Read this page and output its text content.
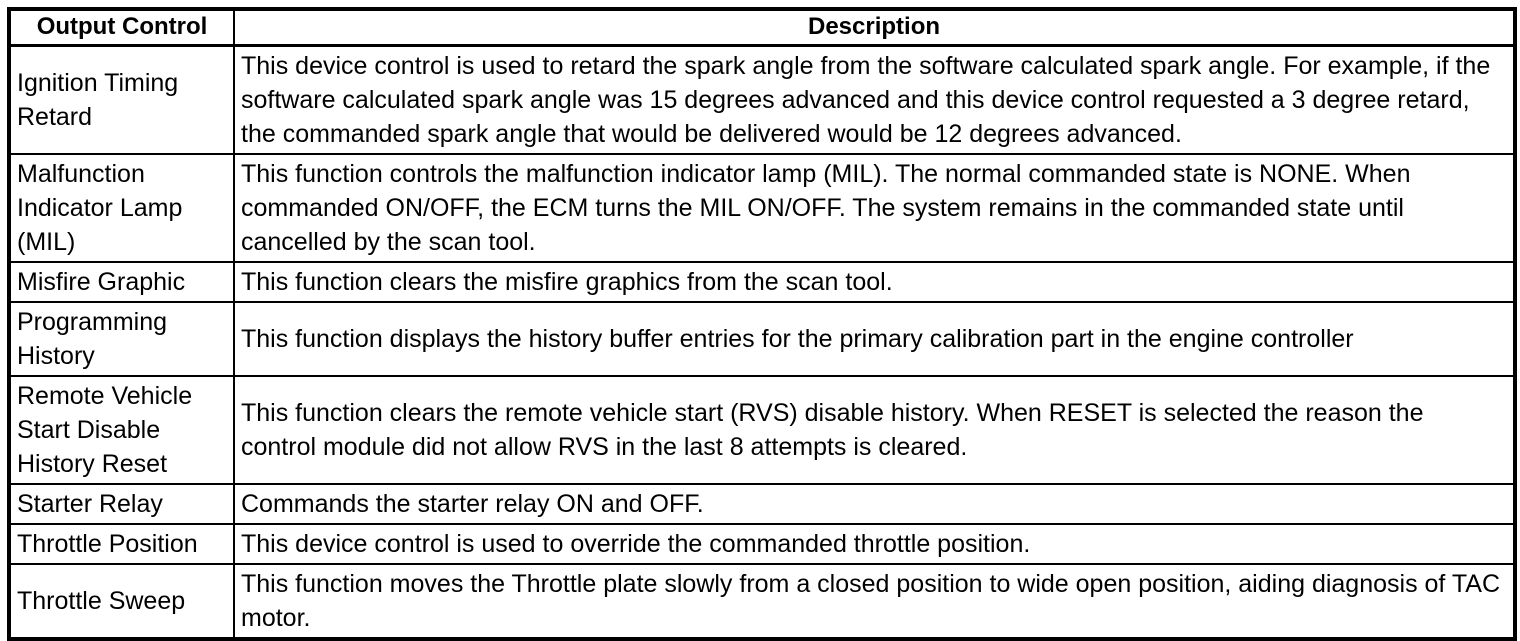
Output Control	Description
Ignition Timing Retard	This device control is used to retard the spark angle from the software calculated spark angle. For example, if the software calculated spark angle was 15 degrees advanced and this device control requested a 3 degree retard, the commanded spark angle that would be delivered would be 12 degrees advanced.
Malfunction Indicator Lamp (MIL)	This function controls the malfunction indicator lamp (MIL). The normal commanded state is NONE. When commanded ON/OFF, the ECM turns the MIL ON/OFF. The system remains in the commanded state until cancelled by the scan tool.
Misfire Graphic	This function clears the misfire graphics from the scan tool.
Programming History	This function displays the history buffer entries for the primary calibration part in the engine controller
Remote Vehicle Start Disable History Reset	This function clears the remote vehicle start (RVS) disable history. When RESET is selected the reason the control module did not allow RVS in the last 8 attempts is cleared.
Starter Relay	Commands the starter relay ON and OFF.
Throttle Position	This device control is used to override the commanded throttle position.
Throttle Sweep	This function moves the Throttle plate slowly from a closed position to wide open position, aiding diagnosis of TAC motor.
